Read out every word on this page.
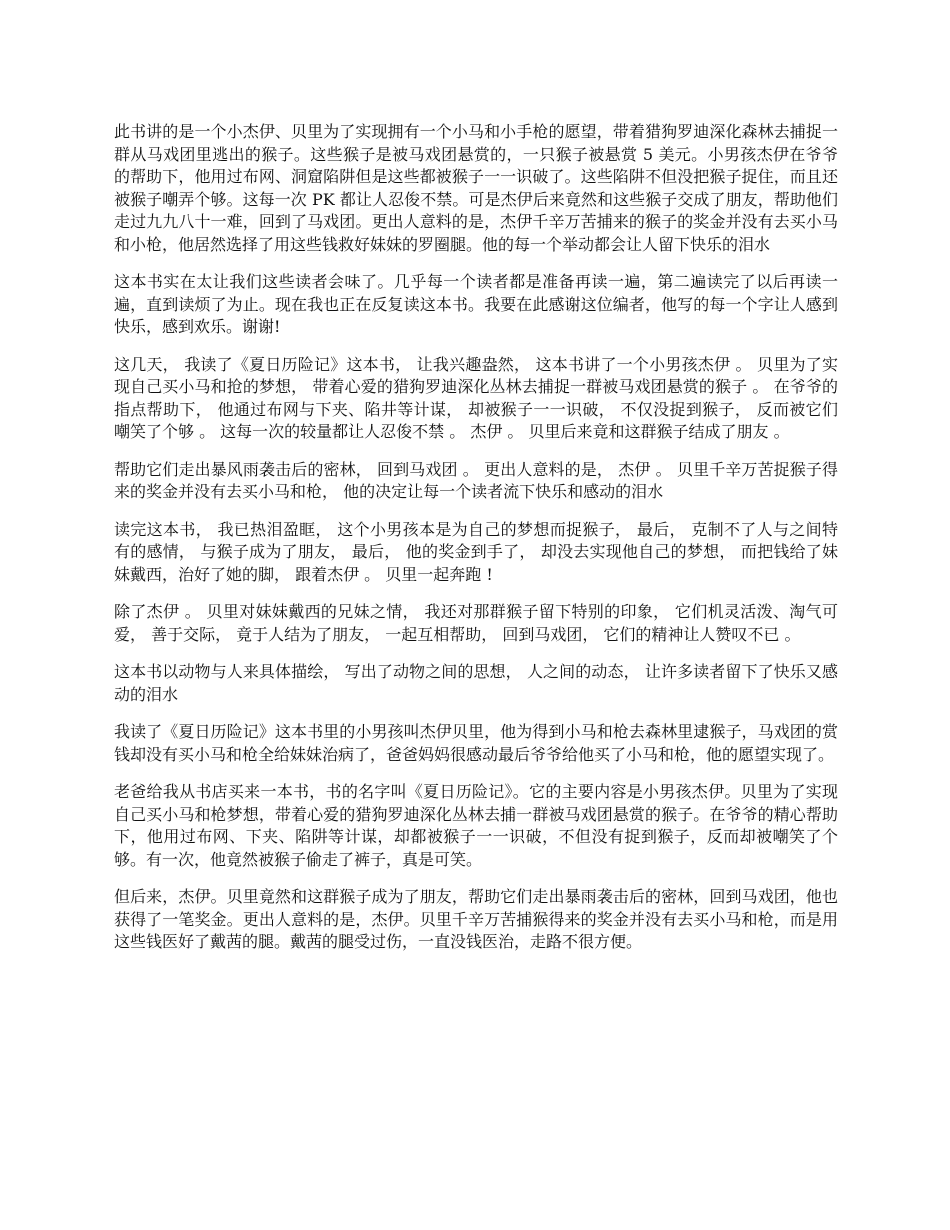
此书讲的是一个小杰伊、贝里为了实现拥有一个小马和小手枪的愿望，带着猎狗罗迪深化森林去捕捉一群从马戏团里逃出的猴子。这些猴子是被马戏团悬赏的，一只猴子被悬赏 5 美元。小男孩杰伊在爷爷的帮助下，他用过布网、洞窟陷阱但是这些都被猴子一一识破了。这些陷阱不但没把猴子捉住，而且还被猴子嘲弄个够。这每一次 PK 都让人忍俊不禁。可是杰伊后来竟然和这些猴子交成了朋友，帮助他们走过九九八十一难，回到了马戏团。更出人意料的是，杰伊千辛万苦捕来的猴子的奖金并没有去买小马和小枪，他居然选择了用这些钱救好妹妹的罗圈腿。他的每一个举动都会让人留下快乐的泪水

这本书实在太让我们这些读者会味了。几乎每一个读者都是准备再读一遍，第二遍读完了以后再读一遍，直到读烦了为止。现在我也正在反复读这本书。我要在此感谢这位编者，他写的每一个字让人感到快乐，感到欢乐。谢谢!

这几天， 我读了《夏日历险记》这本书， 让我兴趣盎然， 这本书讲了一个小男孩杰伊 。 贝里为了实现自己买小马和抢的梦想， 带着心爱的猎狗罗迪深化丛林去捕捉一群被马戏团悬赏的猴子 。 在爷爷的指点帮助下， 他通过布网与下夹、陷井等计谋， 却被猴子一一识破， 不仅没捉到猴子， 反而被它们嘲笑了个够 。 这每一次的较量都让人忍俊不禁 。 杰伊 。 贝里后来竟和这群猴子结成了朋友 。

帮助它们走出暴风雨袭击后的密林， 回到马戏团 。 更出人意料的是， 杰伊 。 贝里千辛万苦捉猴子得来的奖金并没有去买小马和枪， 他的决定让每一个读者流下快乐和感动的泪水

读完这本书， 我已热泪盈眶， 这个小男孩本是为自己的梦想而捉猴子， 最后， 克制不了人与之间特有的感情， 与猴子成为了朋友， 最后， 他的奖金到手了， 却没去实现他自己的梦想， 而把钱给了妹妹戴西，治好了她的脚， 跟着杰伊 。 贝里一起奔跑 !

除了杰伊 。 贝里对妹妹戴西的兄妹之情， 我还对那群猴子留下特别的印象， 它们机灵活泼、淘气可爱， 善于交际， 竟于人结为了朋友， 一起互相帮助， 回到马戏团， 它们的精神让人赞叹不已 。

这本书以动物与人来具体描绘， 写出了动物之间的思想， 人之间的动态， 让许多读者留下了快乐又感动的泪水

我读了《夏日历险记》这本书里的小男孩叫杰伊贝里，他为得到小马和枪去森林里逮猴子，马戏团的赏钱却没有买小马和枪全给妹妹治病了，爸爸妈妈很感动最后爷爷给他买了小马和枪，他的愿望实现了。

老爸给我从书店买来一本书，书的名字叫《夏日历险记》。它的主要内容是小男孩杰伊。贝里为了实现自己买小马和枪梦想，带着心爱的猎狗罗迪深化丛林去捕一群被马戏团悬赏的猴子。在爷爷的精心帮助下，他用过布网、下夹、陷阱等计谋，却都被猴子一一识破，不但没有捉到猴子，反而却被嘲笑了个够。有一次，他竟然被猴子偷走了裤子，真是可笑。

但后来，杰伊。贝里竟然和这群猴子成为了朋友，帮助它们走出暴雨袭击后的密林，回到马戏团，他也获得了一笔奖金。更出人意料的是，杰伊。贝里千辛万苦捕猴得来的奖金并没有去买小马和枪，而是用这些钱医好了戴茜的腿。戴茜的腿受过伤，一直没钱医治，走路不很方便。
